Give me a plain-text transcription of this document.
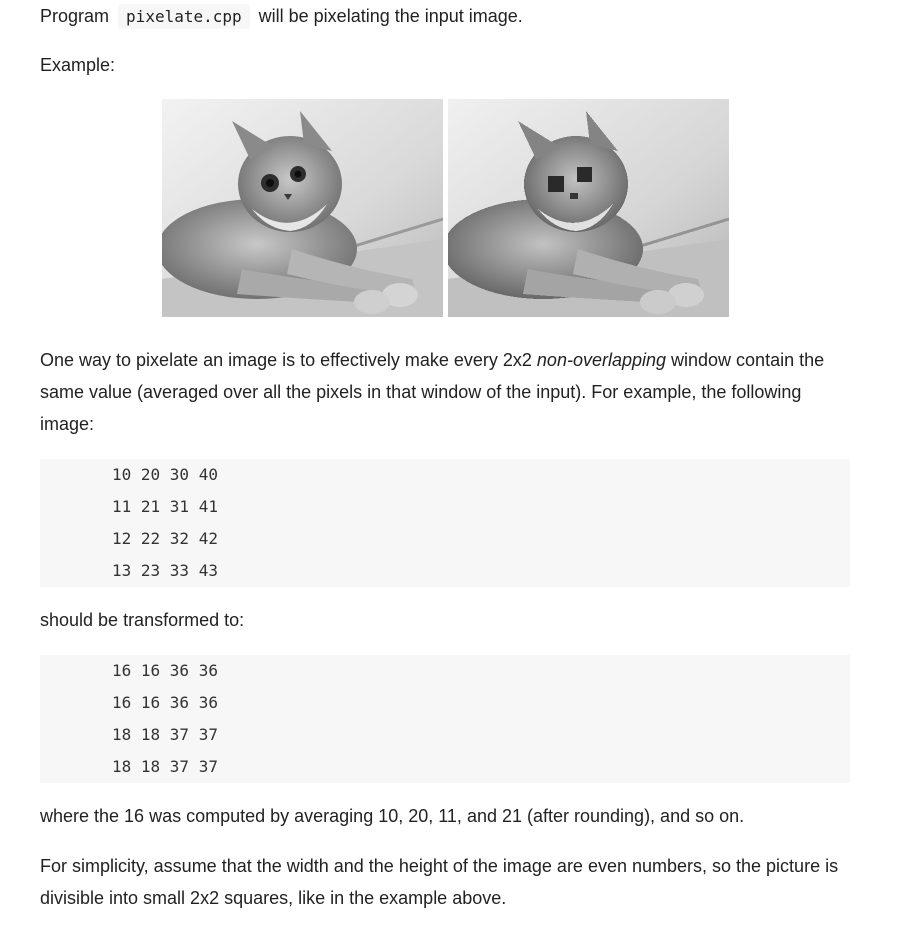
Program pixelate.cpp will be pixelating the input image.

Example:

One way to pixelate an image is to effectively make every 2x2 non-overlapping window contain the same value (averaged over all the pixels in that window of the input). For example, the following image:

10 20 30 40
11 21 31 41
12 22 32 42
13 23 33 43

should be transformed to:

16 16 36 36
16 16 36 36
18 18 37 37
18 18 37 37

where the 16 was computed by averaging 10, 20, 11, and 21 (after rounding), and so on.

For simplicity, assume that the width and the height of the image are even numbers, so the picture is divisible into small 2x2 squares, like in the example above.
